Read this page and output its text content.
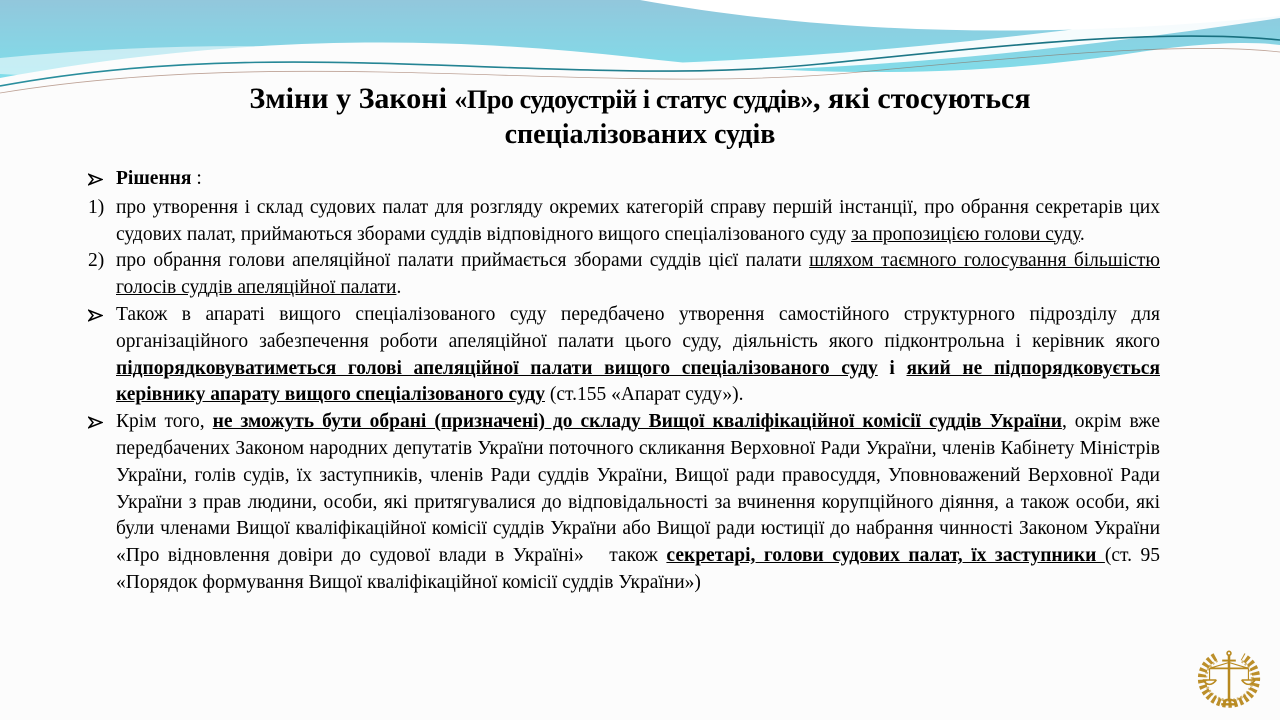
Зміни у Законі «Про судоустрій і статус суддів», які стосуються
спеціалізованих судів
Рішення :
1) про утворення і склад судових палат для розгляду окремих категорій справу першій інстанції, про обрання секретарів цих судових палат, приймаються зборами суддів відповідного вищого спеціалізованого суду за пропозицією голови суду.
2) про обрання голови апеляційної палати приймається зборами суддів цієї палати шляхом таємного голосування більшістю голосів суддів апеляційної палати.
Також в апараті вищого спеціалізованого суду передбачено утворення самостійного структурного підрозділу для організаційного забезпечення роботи апеляційної палати цього суду, діяльність якого підконтрольна і керівник якого підпорядковуватиметься голові апеляційної палати вищого спеціалізованого суду і який не підпорядковується керівнику апарату вищого спеціалізованого суду (ст.155 «Апарат суду»).
Крім того, не зможуть бути обрані (призначені) до складу Вищої кваліфікаційної комісії суддів України, окрім вже передбачених Законом народних депутатів України поточного скликання Верховної Ради України, членів Кабінету Міністрів України, голів судів, їх заступників, членів Ради суддів України, Вищої ради правосуддя, Уповноважений Верховної Ради України з прав людини, особи, які притягувалися до відповідальності за вчинення корупційного діяння, а також особи, які були членами Вищої кваліфікаційної комісії суддів України або Вищої ради юстиції до набрання чинності Законом України «Про відновлення довіри до судової влади в Україні»   також секретарі, голови судових палат, їх заступники (ст. 95 «Порядок формування Вищої кваліфікаційної комісії суддів України»)
